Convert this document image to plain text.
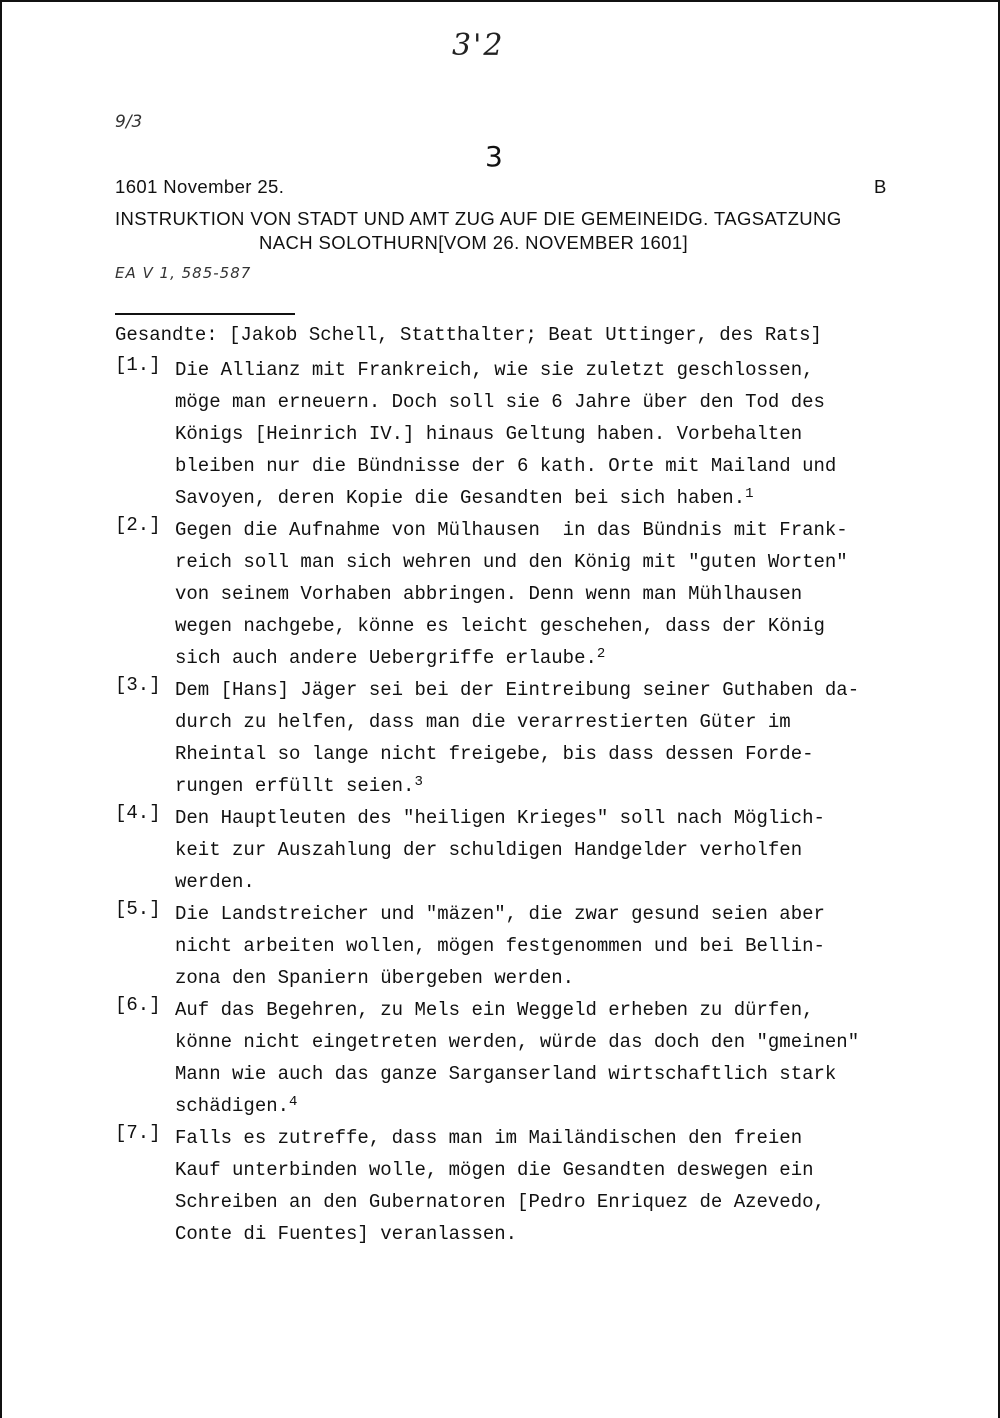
3'2
9/3
3
1601 November 25.	B
INSTRUKTION VON STADT UND AMT ZUG AUF DIE GEMEINEIDG. TAGSATZUNG
NACH SOLOTHURN[VOM 26. NOVEMBER 1601]
EA V 1, 585-587
Gesandte: [Jakob Schell, Statthalter; Beat Uttinger, des Rats]
[1.] Die Allianz mit Frankreich, wie sie zuletzt geschlossen,
möge man erneuern. Doch soll sie 6 Jahre über den Tod des
Königs [Heinrich IV.] hinaus Geltung haben. Vorbehalten
bleiben nur die Bündnisse der 6 kath. Orte mit Mailand und
Savoyen, deren Kopie die Gesandten bei sich haben.$^1$
[2.] Gegen die Aufnahme von Mülhausen  in das Bündnis mit Frank-
reich soll man sich wehren und den König mit "guten Worten"
von seinem Vorhaben abbringen. Denn wenn man Mühlhausen
wegen nachgebe, könne es leicht geschehen, dass der König
sich auch andere Uebergriffe erlaube.$^2$
[3.] Dem [Hans] Jäger sei bei der Eintreibung seiner Guthaben da-
durch zu helfen, dass man die verarrestierten Güter im
Rheintal so lange nicht freigebe, bis dass dessen Forde-
rungen erfüllt seien.$^3$
[4.] Den Hauptleuten des "heiligen Krieges" soll nach Möglich-
keit zur Auszahlung der schuldigen Handgelder verholfen
werden.
[5.] Die Landstreicher und "mäzen", die zwar gesund seien aber
nicht arbeiten wollen, mögen festgenommen und bei Bellin-
zona den Spaniern übergeben werden.
[6.] Auf das Begehren, zu Mels ein Weggeld erheben zu dürfen,
könne nicht eingetreten werden, würde das doch den "gmeinen"
Mann wie auch das ganze Sarganserland wirtschaftlich stark
schädigen.$^4$
[7.] Falls es zutreffe, dass man im Mailändischen den freien
Kauf unterbinden wolle, mögen die Gesandten deswegen ein
Schreiben an den Gubernatoren [Pedro Enriquez de Azevedo,
Conte di Fuentes] veranlassen.
